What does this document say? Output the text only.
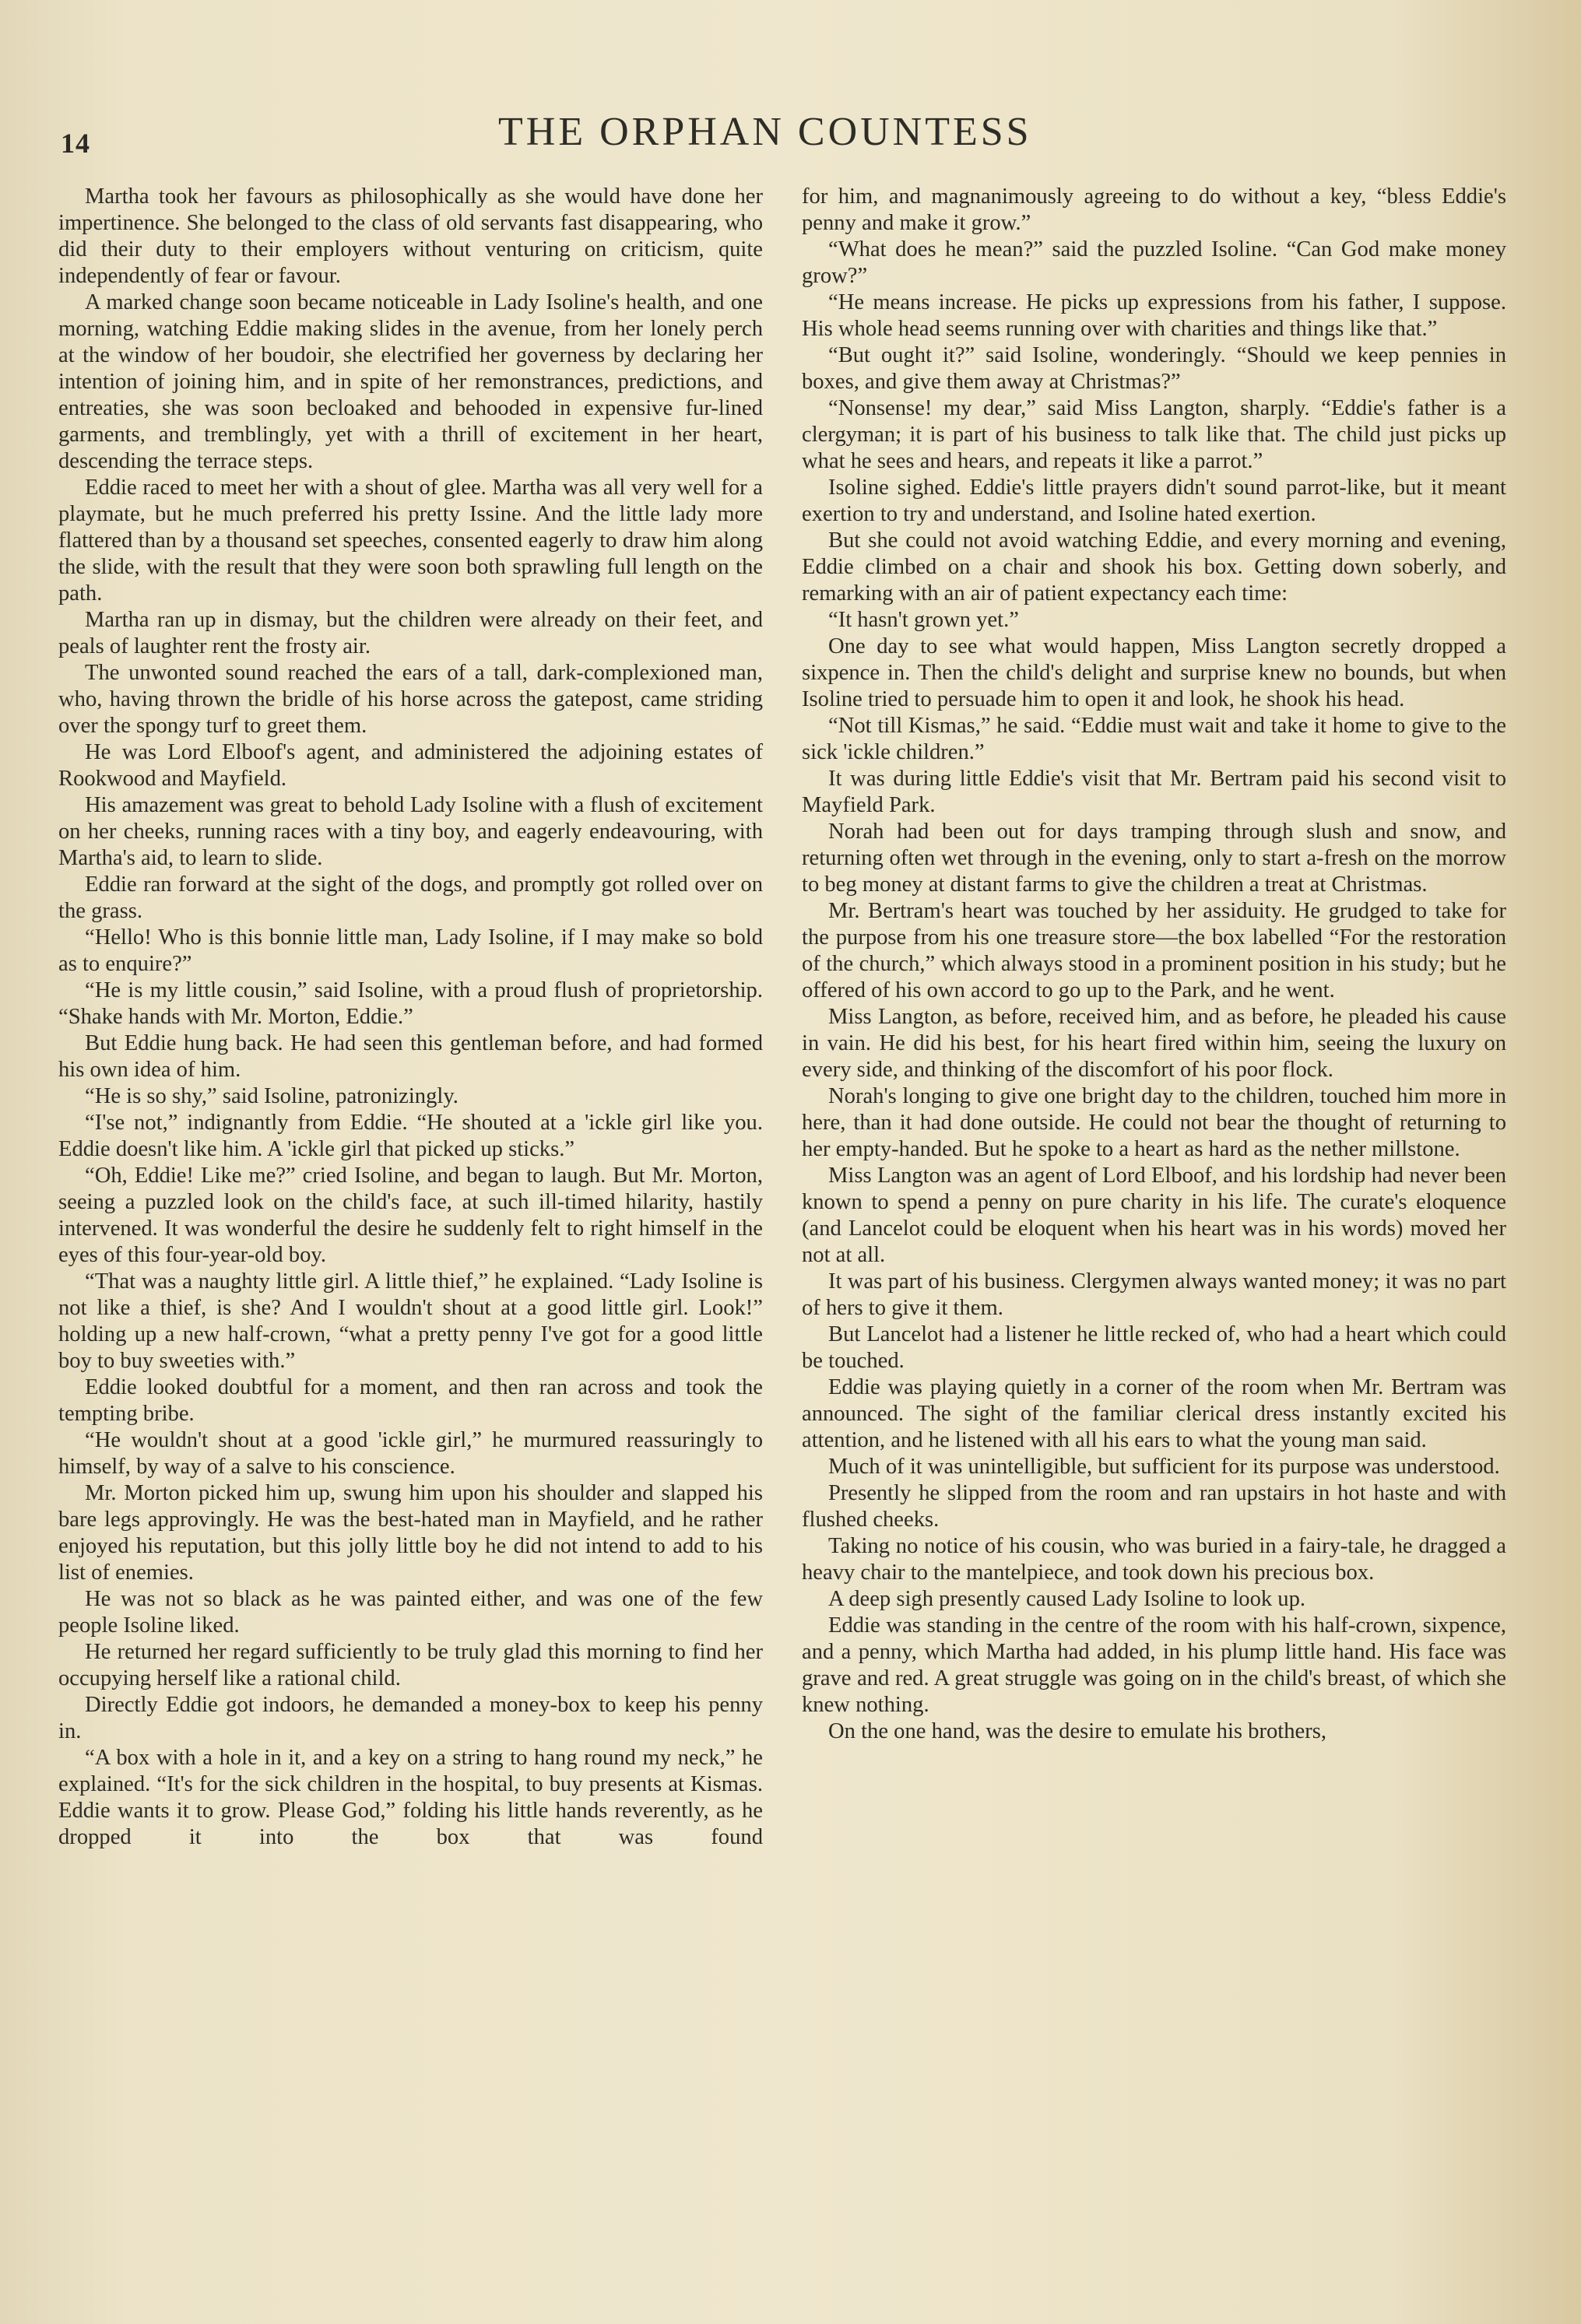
14	THE ORPHAN COUNTESS

Martha took her favours as philosophically as she would have done her impertinence. She belonged to the class of old servants fast disappearing, who did their duty to their employers without venturing on criticism, quite independently of fear or favour.

A marked change soon became noticeable in Lady Isoline's health, and one morning, watching Eddie making slides in the avenue, from her lonely perch at the window of her boudoir, she electrified her governess by declaring her intention of joining him, and in spite of her remonstrances, predictions, and entreaties, she was soon becloaked and behooded in expensive fur-lined garments, and tremblingly, yet with a thrill of excitement in her heart, descending the terrace steps.

Eddie raced to meet her with a shout of glee. Martha was all very well for a playmate, but he much preferred his pretty Issine. And the little lady more flattered than by a thousand set speeches, consented eagerly to draw him along the slide, with the result that they were soon both sprawling full length on the path.

Martha ran up in dismay, but the children were already on their feet, and peals of laughter rent the frosty air.

The unwonted sound reached the ears of a tall, dark-complexioned man, who, having thrown the bridle of his horse across the gatepost, came striding over the spongy turf to greet them.

He was Lord Elboof's agent, and administered the adjoining estates of Rookwood and Mayfield.

His amazement was great to behold Lady Isoline with a flush of excitement on her cheeks, running races with a tiny boy, and eagerly endeavouring, with Martha's aid, to learn to slide.

Eddie ran forward at the sight of the dogs, and promptly got rolled over on the grass.

“Hello! Who is this bonnie little man, Lady Isoline, if I may make so bold as to enquire?”

“He is my little cousin,” said Isoline, with a proud flush of proprietorship. “Shake hands with Mr. Morton, Eddie.”

But Eddie hung back. He had seen this gentleman before, and had formed his own idea of him.

“He is so shy,” said Isoline, patronizingly.

“I'se not,” indignantly from Eddie. “He shouted at a 'ickle girl like you. Eddie doesn't like him. A 'ickle girl that picked up sticks.”

“Oh, Eddie! Like me?” cried Isoline, and began to laugh. But Mr. Morton, seeing a puzzled look on the child's face, at such ill-timed hilarity, hastily intervened. It was wonderful the desire he suddenly felt to right himself in the eyes of this four-year-old boy.

“That was a naughty little girl. A little thief,” he explained. “Lady Isoline is not like a thief, is she? And I wouldn't shout at a good little girl. Look!” holding up a new half-crown, “what a pretty penny I've got for a good little boy to buy sweeties with.”

Eddie looked doubtful for a moment, and then ran across and took the tempting bribe.

“He wouldn't shout at a good 'ickle girl,” he murmured reassuringly to himself, by way of a salve to his conscience.

Mr. Morton picked him up, swung him upon his shoulder and slapped his bare legs approvingly. He was the best-hated man in Mayfield, and he rather enjoyed his reputation, but this jolly little boy he did not intend to add to his list of enemies.

He was not so black as he was painted either, and was one of the few people Isoline liked.

He returned her regard sufficiently to be truly glad this morning to find her occupying herself like a rational child.

Directly Eddie got indoors, he demanded a money-box to keep his penny in.

“A box with a hole in it, and a key on a string to hang round my neck,” he explained. “It's for the sick children in the hospital, to buy presents at Kismas. Eddie wants it to grow. Please God,” folding his little hands reverently, as he dropped it into the box that was found

for him, and magnanimously agreeing to do without a key, “bless Eddie's penny and make it grow.”

“What does he mean?” said the puzzled Isoline. “Can God make money grow?”

“He means increase. He picks up expressions from his father, I suppose. His whole head seems running over with charities and things like that.”

“But ought it?” said Isoline, wonderingly. “Should we keep pennies in boxes, and give them away at Christmas?”

“Nonsense! my dear,” said Miss Langton, sharply. “Eddie's father is a clergyman; it is part of his business to talk like that. The child just picks up what he sees and hears, and repeats it like a parrot.”

Isoline sighed. Eddie's little prayers didn't sound parrot-like, but it meant exertion to try and understand, and Isoline hated exertion.

But she could not avoid watching Eddie, and every morning and evening, Eddie climbed on a chair and shook his box. Getting down soberly, and remarking with an air of patient expectancy each time:

“It hasn't grown yet.”

One day to see what would happen, Miss Langton secretly dropped a sixpence in. Then the child's delight and surprise knew no bounds, but when Isoline tried to persuade him to open it and look, he shook his head.

“Not till Kismas,” he said. “Eddie must wait and take it home to give to the sick 'ickle children.”

It was during little Eddie's visit that Mr. Bertram paid his second visit to Mayfield Park.

Norah had been out for days tramping through slush and snow, and returning often wet through in the evening, only to start a-fresh on the morrow to beg money at distant farms to give the children a treat at Christmas.

Mr. Bertram's heart was touched by her assiduity. He grudged to take for the purpose from his one treasure store—the box labelled “For the restoration of the church,” which always stood in a prominent position in his study; but he offered of his own accord to go up to the Park, and he went.

Miss Langton, as before, received him, and as before, he pleaded his cause in vain. He did his best, for his heart fired within him, seeing the luxury on every side, and thinking of the discomfort of his poor flock.

Norah's longing to give one bright day to the children, touched him more in here, than it had done outside. He could not bear the thought of returning to her empty-handed. But he spoke to a heart as hard as the nether millstone.

Miss Langton was an agent of Lord Elboof, and his lordship had never been known to spend a penny on pure charity in his life. The curate's eloquence (and Lancelot could be eloquent when his heart was in his words) moved her not at all.

It was part of his business. Clergymen always wanted money; it was no part of hers to give it them.

But Lancelot had a listener he little recked of, who had a heart which could be touched.

Eddie was playing quietly in a corner of the room when Mr. Bertram was announced. The sight of the familiar clerical dress instantly excited his attention, and he listened with all his ears to what the young man said.

Much of it was unintelligible, but sufficient for its purpose was understood.

Presently he slipped from the room and ran upstairs in hot haste and with flushed cheeks.

Taking no notice of his cousin, who was buried in a fairy-tale, he dragged a heavy chair to the mantelpiece, and took down his precious box.

A deep sigh presently caused Lady Isoline to look up.

Eddie was standing in the centre of the room with his half-crown, sixpence, and a penny, which Martha had added, in his plump little hand. His face was grave and red. A great struggle was going on in the child's breast, of which she knew nothing.

On the one hand, was the desire to emulate his brothers,
